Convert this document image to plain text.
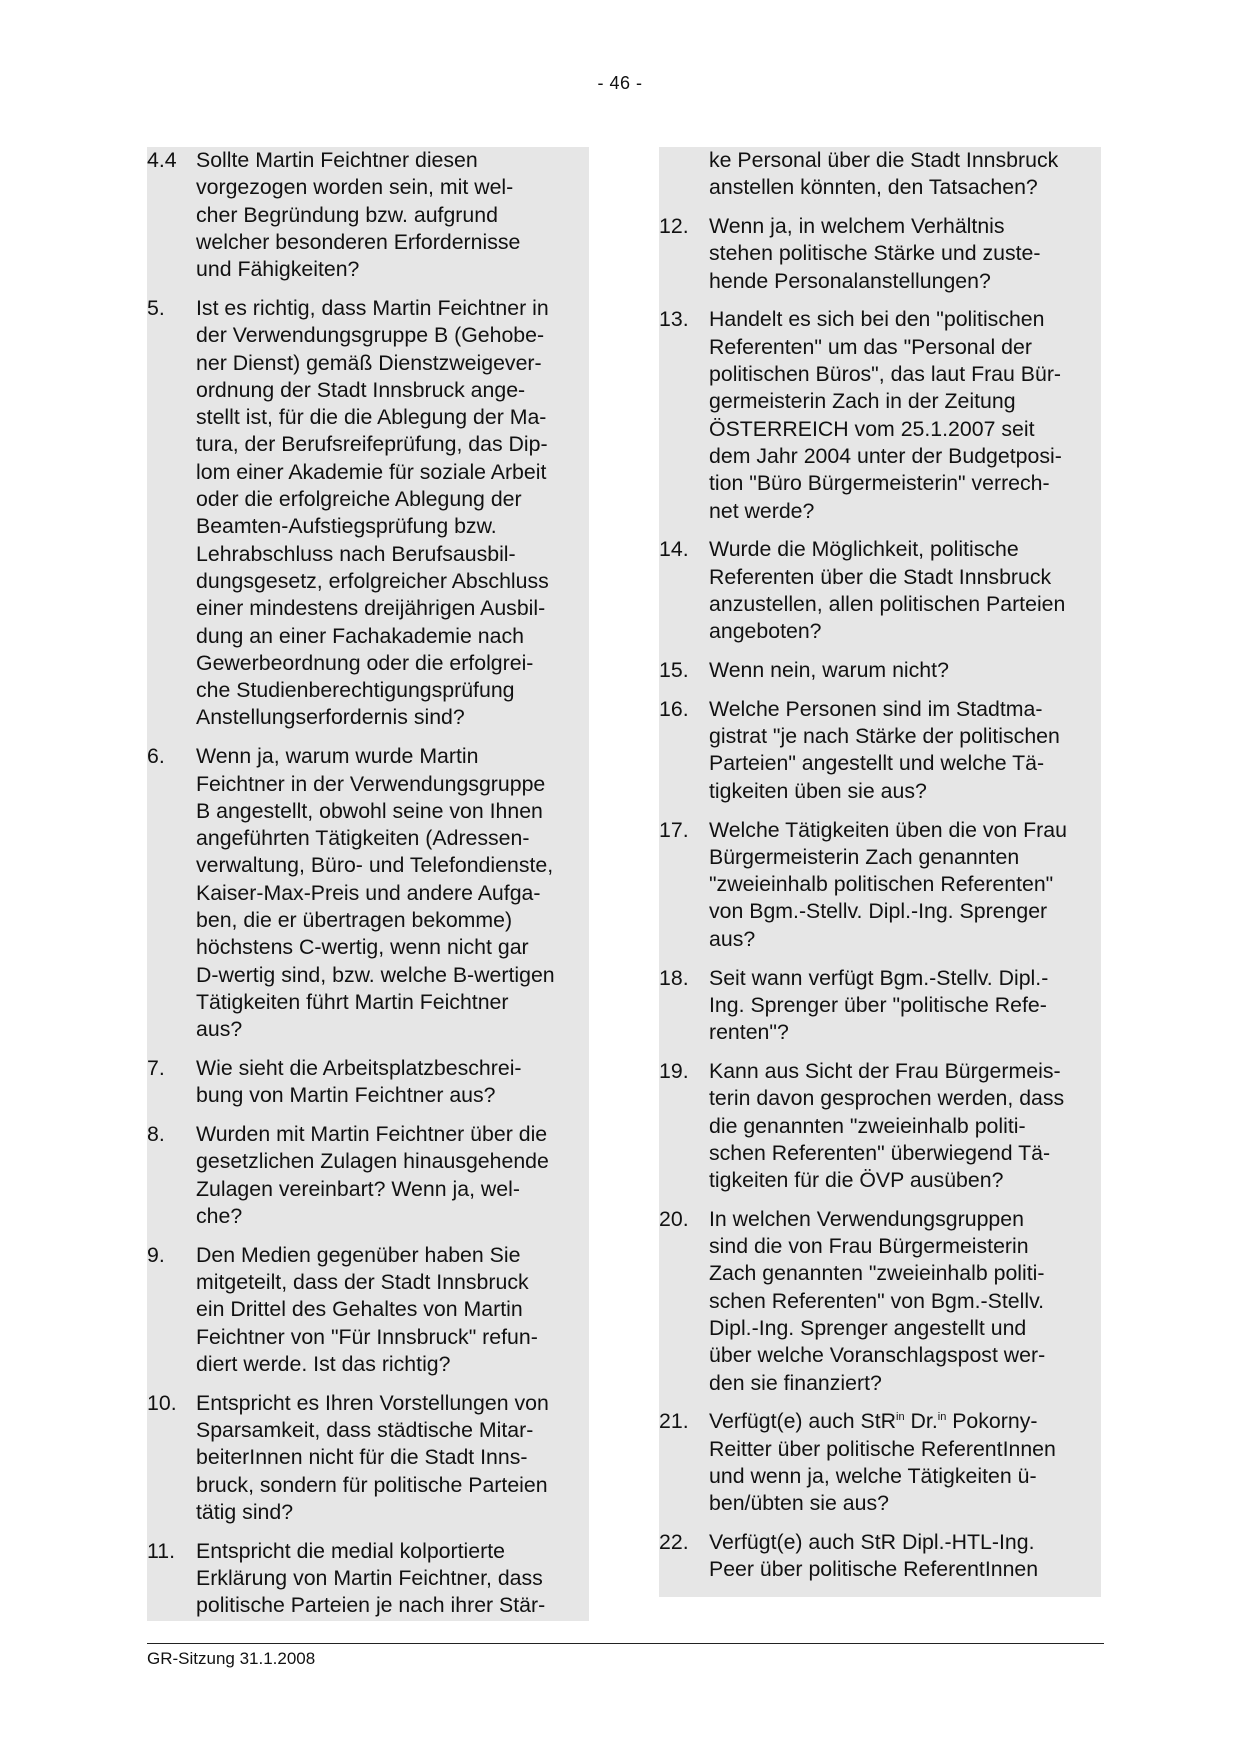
- 46 -
4.4 Sollte Martin Feichtner diesen
vorgezogen worden sein, mit wel-
cher Begründung bzw. aufgrund
welcher besonderen Erfordernisse
und Fähigkeiten?
5.	Ist es richtig, dass Martin Feichtner in
der Verwendungsgruppe B (Gehobe-
ner Dienst) gemäß Dienstzweigever-
ordnung der Stadt Innsbruck ange-
stellt ist, für die die Ablegung der Ma-
tura, der Berufsreifeprüfung, das Dip-
lom einer Akademie für soziale Arbeit
oder die erfolgreiche Ablegung der
Beamten-Aufstiegsprüfung bzw.
Lehrabschluss nach Berufsausbil-
dungsgesetz, erfolgreicher Abschluss
einer mindestens dreijährigen Ausbil-
dung an einer Fachakademie nach
Gewerbeordnung oder die erfolgrei-
che Studienberechtigungsprüfung
Anstellungserfordernis sind?
6.	Wenn ja, warum wurde Martin
Feichtner in der Verwendungsgruppe
B angestellt, obwohl seine von Ihnen
angeführten Tätigkeiten (Adressen-
verwaltung, Büro- und Telefondienste,
Kaiser-Max-Preis und andere Aufga-
ben, die er übertragen bekomme)
höchstens C-wertig, wenn nicht gar
D-wertig sind, bzw. welche B-wertigen
Tätigkeiten führt Martin Feichtner
aus?
7.	Wie sieht die Arbeitsplatzbeschrei-
bung von Martin Feichtner aus?
8.	Wurden mit Martin Feichtner über die
gesetzlichen Zulagen hinausgehende
Zulagen vereinbart? Wenn ja, wel-
che?
9.	Den Medien gegenüber haben Sie
mitgeteilt, dass der Stadt Innsbruck
ein Drittel des Gehaltes von Martin
Feichtner von "Für Innsbruck" refun-
diert werde. Ist das richtig?
10. Entspricht es Ihren Vorstellungen von
Sparsamkeit, dass städtische Mitar-
beiterInnen nicht für die Stadt Inns-
bruck, sondern für politische Parteien
tätig sind?
11. Entspricht die medial kolportierte
Erklärung von Martin Feichtner, dass
politische Parteien je nach ihrer Stär-
ke Personal über die Stadt Innsbruck
anstellen könnten, den Tatsachen?
12. Wenn ja, in welchem Verhältnis
stehen politische Stärke und zuste-
hende Personalanstellungen?
13. Handelt es sich bei den "politischen
Referenten" um das "Personal der
politischen Büros", das laut Frau Bür-
germeisterin Zach in der Zeitung
ÖSTERREICH vom 25.1.2007 seit
dem Jahr 2004 unter der Budgetposi-
tion "Büro Bürgermeisterin" verrech-
net werde?
14. Wurde die Möglichkeit, politische
Referenten über die Stadt Innsbruck
anzustellen, allen politischen Parteien
angeboten?
15. Wenn nein, warum nicht?
16. Welche Personen sind im Stadtma-
gistrat "je nach Stärke der politischen
Parteien" angestellt und welche Tä-
tigkeiten üben sie aus?
17. Welche Tätigkeiten üben die von Frau
Bürgermeisterin Zach genannten
"zweieinhalb politischen Referenten"
von Bgm.-Stellv. Dipl.-Ing. Sprenger
aus?
18. Seit wann verfügt Bgm.-Stellv. Dipl.-
Ing. Sprenger über "politische Refe-
renten"?
19. Kann aus Sicht der Frau Bürgermeis-
terin davon gesprochen werden, dass
die genannten "zweieinhalb politi-
schen Referenten" überwiegend Tä-
tigkeiten für die ÖVP ausüben?
20. In welchen Verwendungsgruppen
sind die von Frau Bürgermeisterin
Zach genannten "zweieinhalb politi-
schen Referenten" von Bgm.-Stellv.
Dipl.-Ing. Sprenger angestellt und
über welche Voranschlagspost wer-
den sie finanziert?
21. Verfügt(e) auch StR$^{in}$ Dr.$^{in}$ Pokorny-
Reitter über politische ReferentInnen
und wenn ja, welche Tätigkeiten ü-
ben/übten sie aus?
22. Verfügt(e) auch StR Dipl.-HTL-Ing.
Peer über politische ReferentInnen
GR-Sitzung 31.1.2008
